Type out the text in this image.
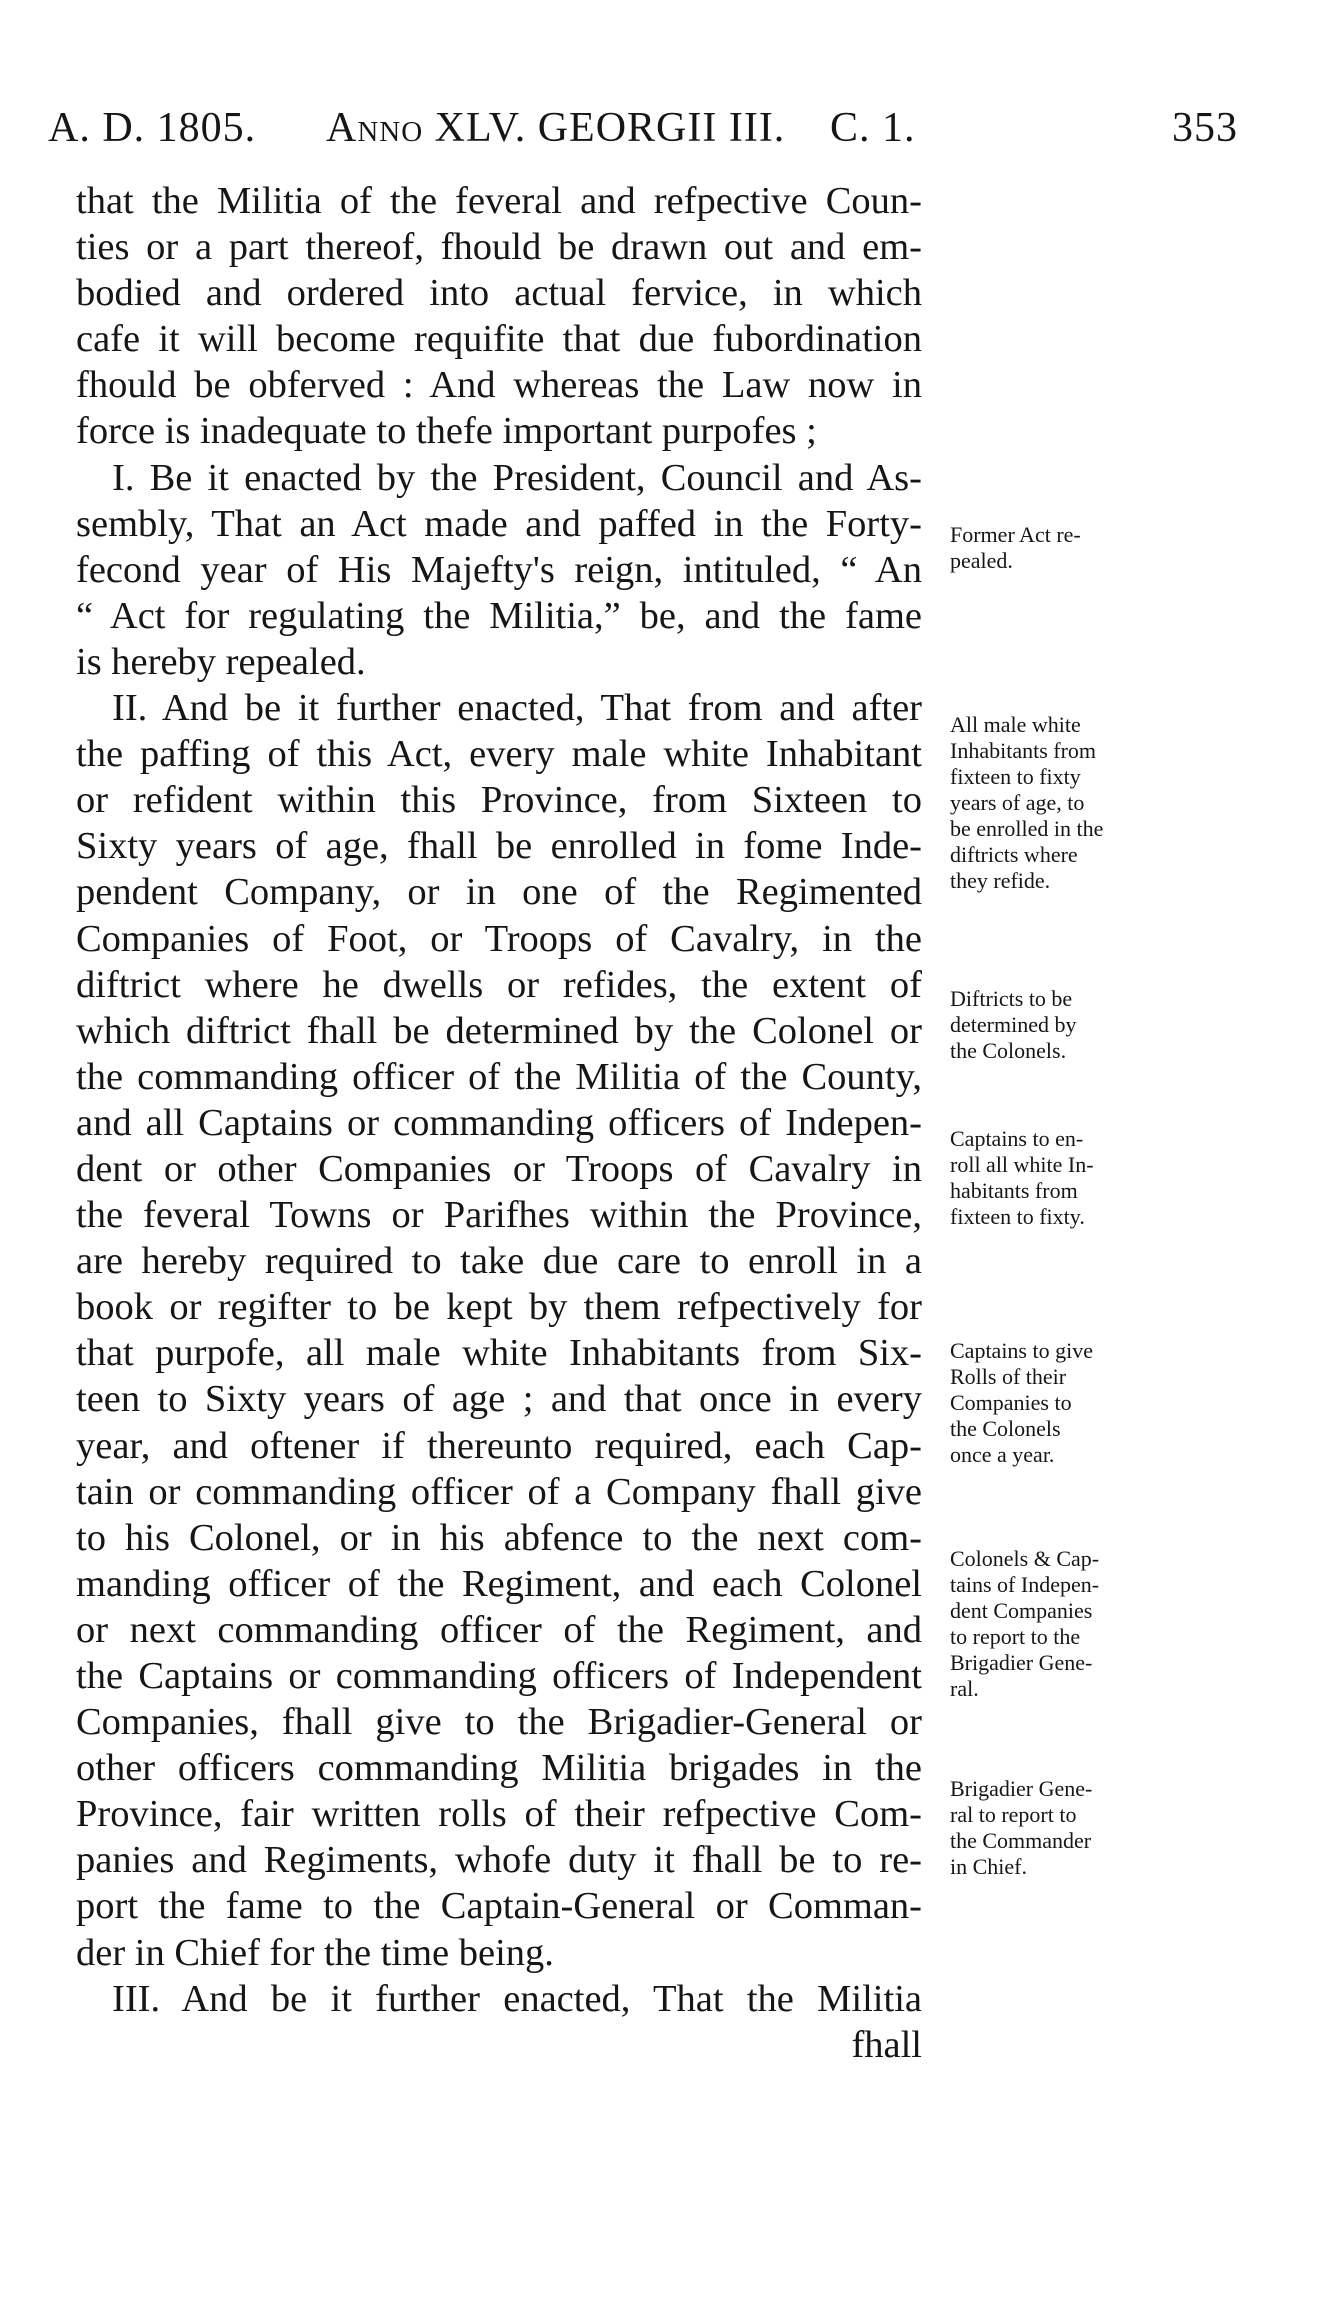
A. D. 1805. Anno XLV. GEORGII III. C. 1.	353
that the Militia of the feveral and refpective Coun-
ties or a part thereof, fhould be drawn out and em-
bodied and ordered into actual fervice, in which
cafe it will become requifite that due fubordination
fhould be obferved : And whereas the Law now in
force is inadequate to thefe important purpofes ;
I. Be it enacted by the President, Council and As-
sembly, That an Act made and paffed in the Forty-
fecond year of His Majefty's reign, intituled, “ An
“ Act for regulating the Militia,” be, and the fame
is hereby repealed.
II. And be it further enacted, That from and after
the paffing of this Act, every male white Inhabitant
or refident within this Province, from Sixteen to
Sixty years of age, fhall be enrolled in fome Inde-
pendent Company, or in one of the Regimented
Companies of Foot, or Troops of Cavalry, in the
diftrict where he dwells or refides, the extent of
which diftrict fhall be determined by the Colonel or
the commanding officer of the Militia of the County,
and all Captains or commanding officers of Indepen-
dent or other Companies or Troops of Cavalry in
the feveral Towns or Parifhes within the Province,
are hereby required to take due care to enroll in a
book or regifter to be kept by them refpectively for
that purpofe, all male white Inhabitants from Six-
teen to Sixty years of age ; and that once in every
year, and oftener if thereunto required, each Cap-
tain or commanding officer of a Company fhall give
to his Colonel, or in his abfence to the next com-
manding officer of the Regiment, and each Colonel
or next commanding officer of the Regiment, and
the Captains or commanding officers of Independent
Companies, fhall give to the Brigadier-General or
other officers commanding Militia brigades in the
Province, fair written rolls of their refpective Com-
panies and Regiments, whofe duty it fhall be to re-
port the fame to the Captain-General or Comman-
der in Chief for the time being.
III. And be it further enacted, That the Militia
fhall
Former Act re-
pealed.
All male white
Inhabitants from
fixteen to fixty
years of age, to
be enrolled in the
diftricts where
they refide.
Diftricts to be
determined by
the Colonels.
Captains to en-
roll all white In-
habitants from
fixteen to fixty.
Captains to give
Rolls of their
Companies to
the Colonels
once a year.
Colonels & Cap-
tains of Indepen-
dent Companies
to report to the
Brigadier Gene-
ral.
Brigadier Gene-
ral to report to
the Commander
in Chief.
